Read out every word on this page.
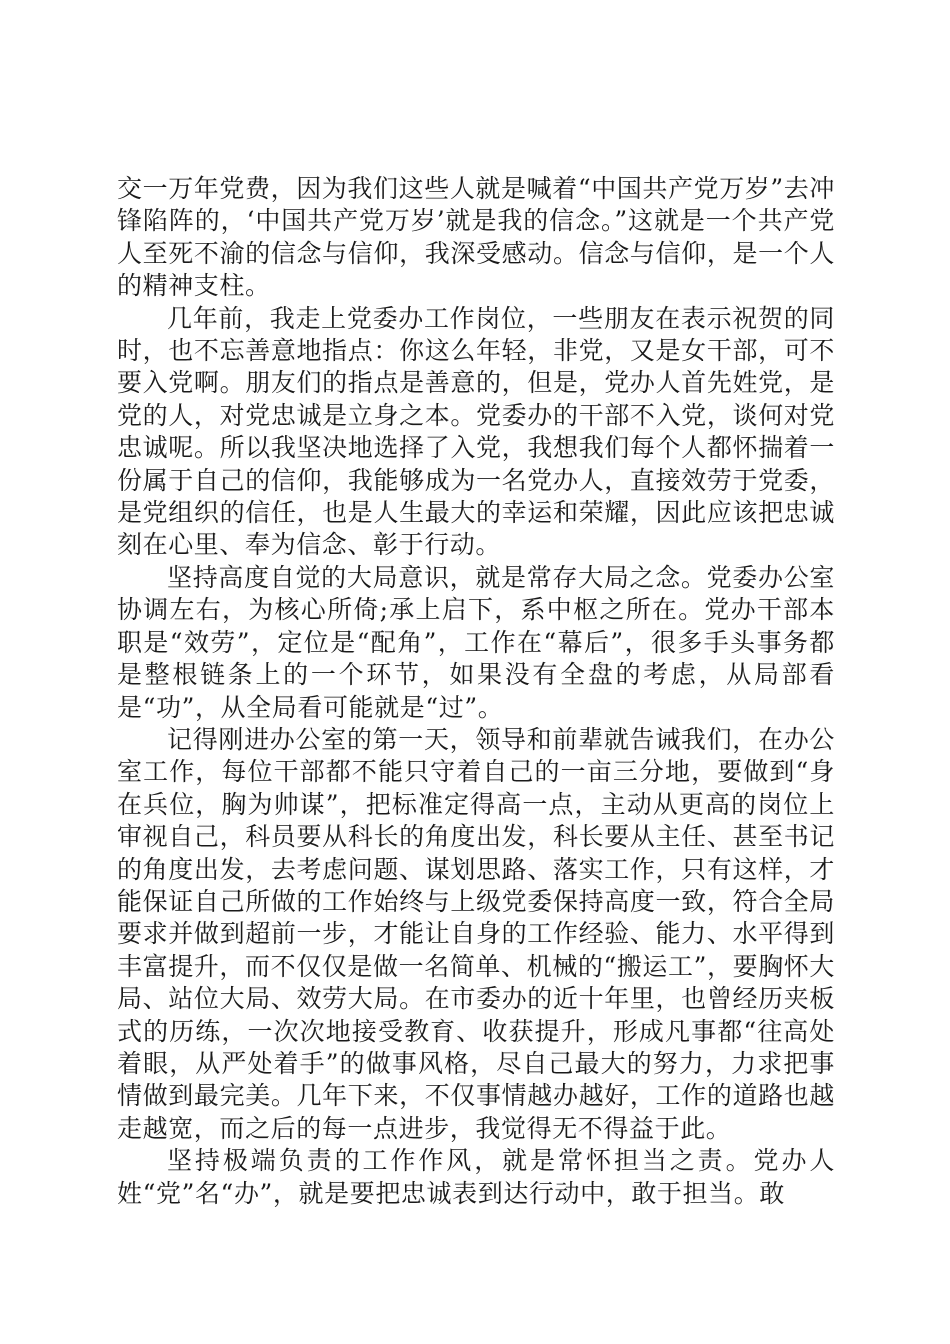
交一万年党费，因为我们这些人就是喊着“中国共产党万岁”去冲锋陷阵的，‘中国共产党万岁’就是我的信念。”这就是一个共产党人至死不渝的信念与信仰，我深受感动。信念与信仰，是一个人的精神支柱。

几年前，我走上党委办工作岗位，一些朋友在表示祝贺的同时，也不忘善意地指点：你这么年轻，非党，又是女干部，可不要入党啊。朋友们的指点是善意的，但是，党办人首先姓党，是党的人，对党忠诚是立身之本。党委办的干部不入党，谈何对党忠诚呢。所以我坚决地选择了入党，我想我们每个人都怀揣着一份属于自己的信仰，我能够成为一名党办人，直接效劳于党委，是党组织的信任，也是人生最大的幸运和荣耀，因此应该把忠诚刻在心里、奉为信念、彰于行动。

坚持高度自觉的大局意识，就是常存大局之念。党委办公室协调左右，为核心所倚;承上启下，系中枢之所在。党办干部本职是“效劳”，定位是“配角”，工作在“幕后”，很多手头事务都是整根链条上的一个环节，如果没有全盘的考虑，从局部看是“功”，从全局看可能就是“过”。

记得刚进办公室的第一天，领导和前辈就告诫我们，在办公室工作，每位干部都不能只守着自己的一亩三分地，要做到“身在兵位，胸为帅谋”，把标准定得高一点，主动从更高的岗位上审视自己，科员要从科长的角度出发，科长要从主任、甚至书记的角度出发，去考虑问题、谋划思路、落实工作，只有这样，才能保证自己所做的工作始终与上级党委保持高度一致，符合全局要求并做到超前一步，才能让自身的工作经验、能力、水平得到丰富提升，而不仅仅是做一名简单、机械的“搬运工”，要胸怀大局、站位大局、效劳大局。在市委办的近十年里，也曾经历夹板式的历练，一次次地接受教育、收获提升，形成凡事都“往高处着眼，从严处着手”的做事风格，尽自己最大的努力，力求把事情做到最完美。几年下来，不仅事情越办越好，工作的道路也越走越宽，而之后的每一点进步，我觉得无不得益于此。

坚持极端负责的工作作风，就是常怀担当之责。党办人姓“党”名“办”，就是要把忠诚表到达行动中，敢于担当。敢
